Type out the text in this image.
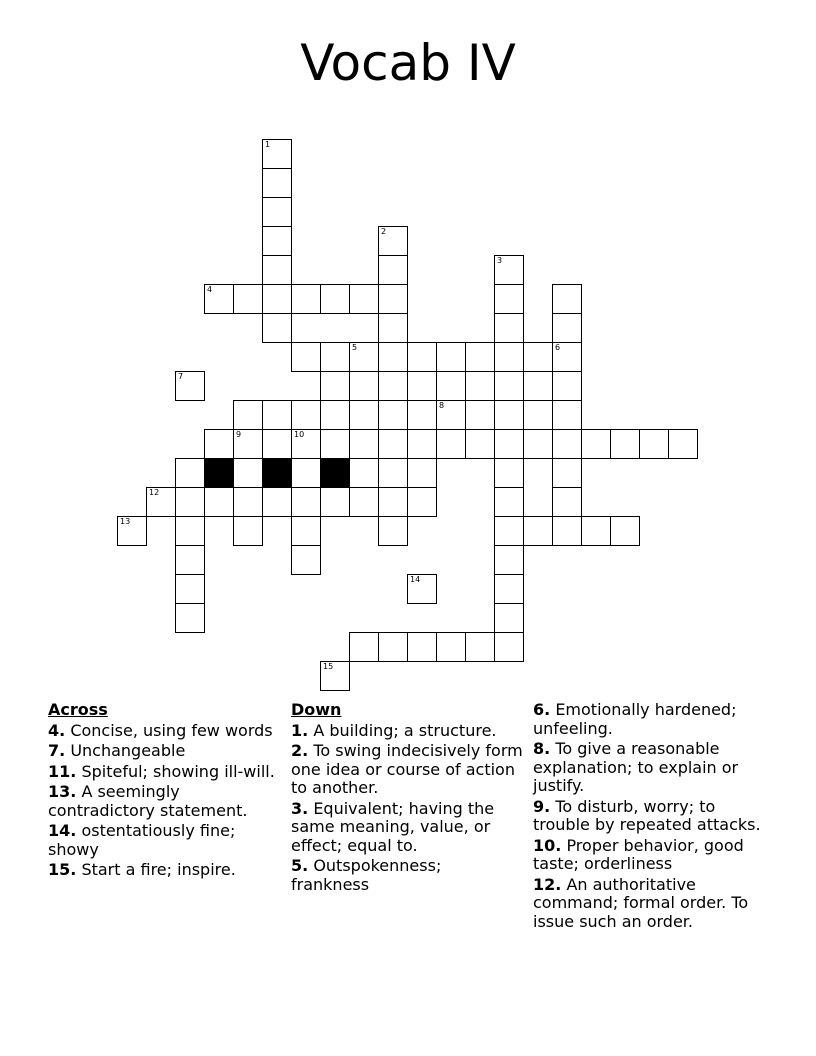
Vocab IV
1
2
3
6
4
5
8
10
12
11
7
9
13
14
15
Across
4. Concise, using few words
7. Unchangeable
11. Spiteful; showing ill-will.
13. A seemingly contradictory statement.
14. ostentatiously fine; showy
15. Start a fire; inspire.
Down
1. A building; a structure.
2. To swing indecisively form one idea or course of action to another.
3. Equivalent; having the same meaning, value, or effect; equal to.
5. Outspokenness; frankness
6. Emotionally hardened; unfeeling.
8. To give a reasonable explanation; to explain or justify.
9. To disturb, worry; to trouble by repeated attacks.
10. Proper behavior, good taste; orderliness
12. An authoritative command; formal order. To issue such an order.
